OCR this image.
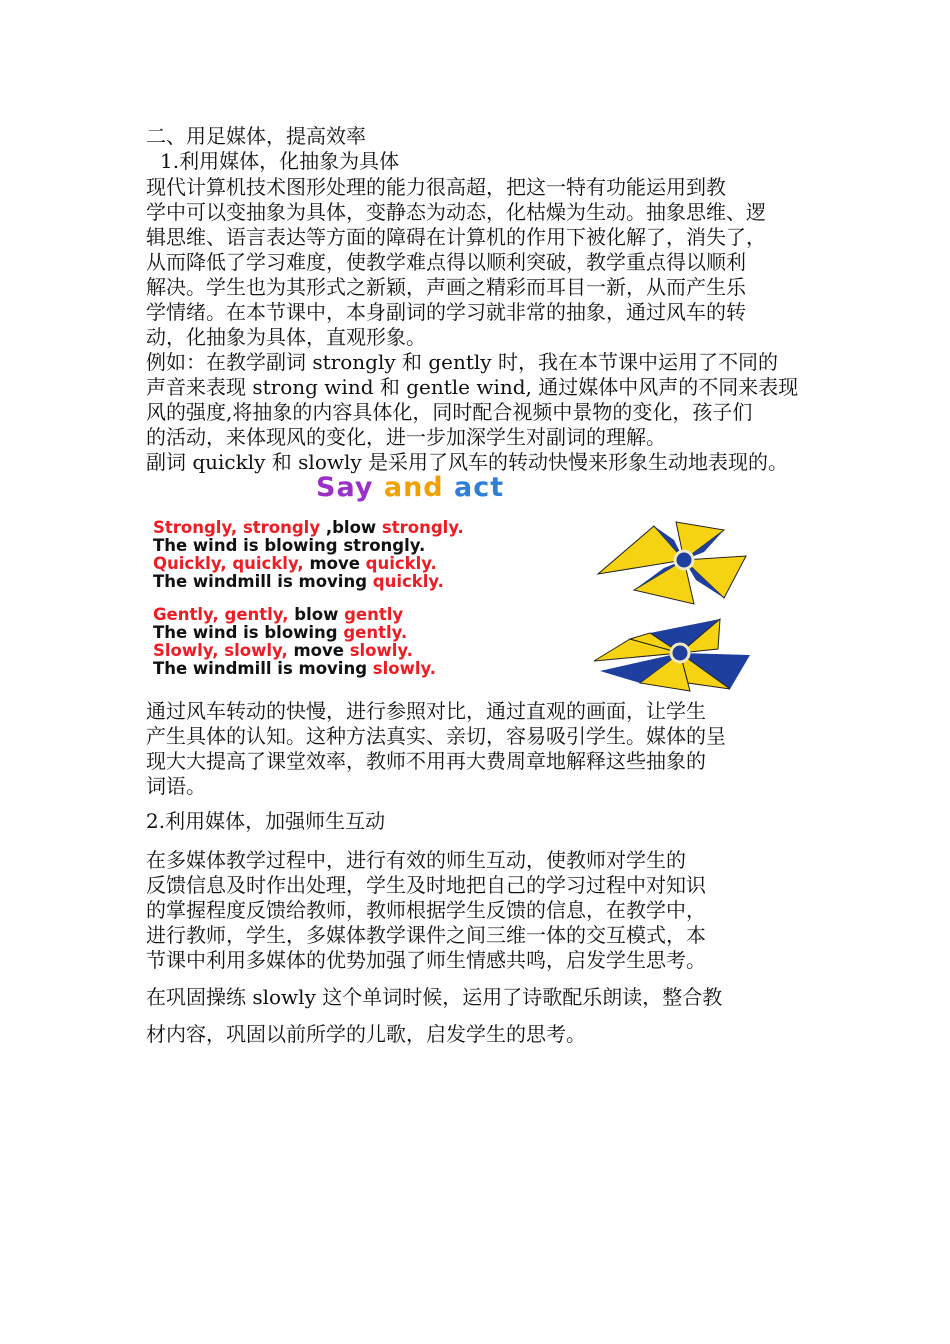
二、用足媒体，提高效率
1.利用媒体，化抽象为具体
现代计算机技术图形处理的能力很高超，把这一特有功能运用到教
学中可以变抽象为具体，变静态为动态，化枯燥为生动。抽象思维、逻
辑思维、语言表达等方面的障碍在计算机的作用下被化解了，消失了，
从而降低了学习难度，使教学难点得以顺利突破，教学重点得以顺利
解决。学生也为其形式之新颖，声画之精彩而耳目一新，从而产生乐
学情绪。在本节课中，本身副词的学习就非常的抽象，通过风车的转
动，化抽象为具体，直观形象。
例如：在教学副词 strongly 和 gently 时，我在本节课中运用了不同的
声音来表现 strong wind 和 gentle wind, 通过媒体中风声的不同来表现
风的强度,将抽象的内容具体化，同时配合视频中景物的变化，孩子们
的活动，来体现风的变化，进一步加深学生对副词的理解。
副词 quickly 和 slowly 是采用了风车的转动快慢来形象生动地表现的。
Say and act
Strongly, strongly ,blow strongly.
The wind is blowing strongly.
Quickly, quickly, move quickly.
The windmill is moving quickly.
Gently, gently, blow gently
The wind is blowing gently.
Slowly, slowly, move slowly.
The windmill is moving slowly.
通过风车转动的快慢，进行参照对比，通过直观的画面，让学生
产生具体的认知。这种方法真实、亲切，容易吸引学生。媒体的呈
现大大提高了课堂效率，教师不用再大费周章地解释这些抽象的
词语。
2.利用媒体，加强师生互动
在多媒体教学过程中，进行有效的师生互动，使教师对学生的
反馈信息及时作出处理，学生及时地把自己的学习过程中对知识
的掌握程度反馈给教师，教师根据学生反馈的信息，在教学中，
进行教师，学生，多媒体教学课件之间三维一体的交互模式，本
节课中利用多媒体的优势加强了师生情感共鸣，启发学生思考。
在巩固操练 slowly 这个单词时候，运用了诗歌配乐朗读，整合教
材内容，巩固以前所学的儿歌，启发学生的思考。
